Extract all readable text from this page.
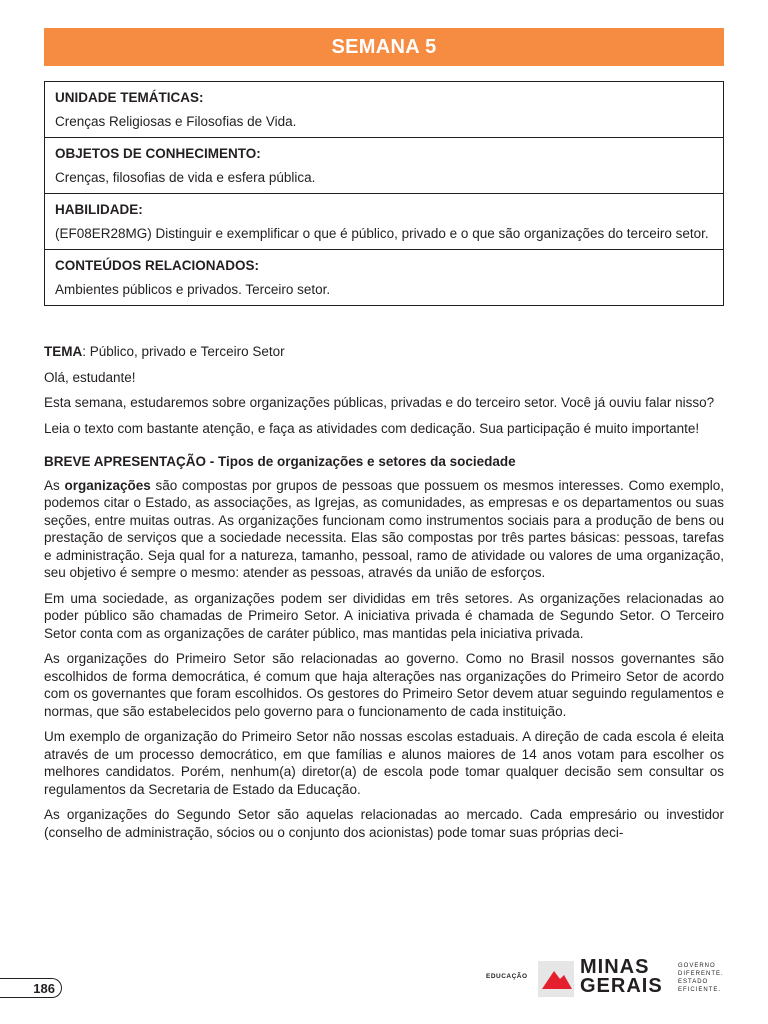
SEMANA 5
UNIDADE TEMÁTICAS:
Crenças Religiosas e Filosofias de Vida.
OBJETOS DE CONHECIMENTO:
Crenças, filosofias de vida e esfera pública.
HABILIDADE:
(EF08ER28MG) Distinguir e exemplificar o que é público, privado e o que são organizações do terceiro setor.
CONTEÚDOS RELACIONADOS:
Ambientes públicos e privados. Terceiro setor.

TEMA: Público, privado e Terceiro Setor

Olá, estudante!

Esta semana, estudaremos sobre organizações públicas, privadas e do terceiro setor. Você já ouviu falar nisso?

Leia o texto com bastante atenção, e faça as atividades com dedicação. Sua participação é muito importante!

BREVE APRESENTAÇÃO - Tipos de organizações e setores da sociedade

As organizações são compostas por grupos de pessoas que possuem os mesmos interesses. Como exemplo, podemos citar o Estado, as associações, as Igrejas, as comunidades, as empresas e os departamentos ou suas seções, entre muitas outras. As organizações funcionam como instrumentos sociais para a produção de bens ou prestação de serviços que a sociedade necessita. Elas são compostas por três partes básicas: pessoas, tarefas e administração. Seja qual for a natureza, tamanho, pessoal, ramo de atividade ou valores de uma organização, seu objetivo é sempre o mesmo: atender as pessoas, através da união de esforços.

Em uma sociedade, as organizações podem ser divididas em três setores. As organizações relacionadas ao poder público são chamadas de Primeiro Setor. A iniciativa privada é chamada de Segundo Setor. O Terceiro Setor conta com as organizações de caráter público, mas mantidas pela iniciativa privada.

As organizações do Primeiro Setor são relacionadas ao governo. Como no Brasil nossos governantes são escolhidos de forma democrática, é comum que haja alterações nas organizações do Primeiro Setor de acordo com os governantes que foram escolhidos. Os gestores do Primeiro Setor devem atuar seguindo regulamentos e normas, que são estabelecidos pelo governo para o funcionamento de cada instituição.

Um exemplo de organização do Primeiro Setor não nossas escolas estaduais. A direção de cada escola é eleita através de um processo democrático, em que famílias e alunos maiores de 14 anos votam para escolher os melhores candidatos. Porém, nenhum(a) diretor(a) de escola pode tomar qualquer decisão sem consultar os regulamentos da Secretaria de Estado da Educação.

As organizações do Segundo Setor são aquelas relacionadas ao mercado. Cada empresário ou investidor (conselho de administração, sócios ou o conjunto dos acionistas) pode tomar suas próprias deci-

186
EDUCAÇÃO	MINAS
GERAIS
GOVERNO
DIFERENTE.
ESTADO
EFICIENTE.
